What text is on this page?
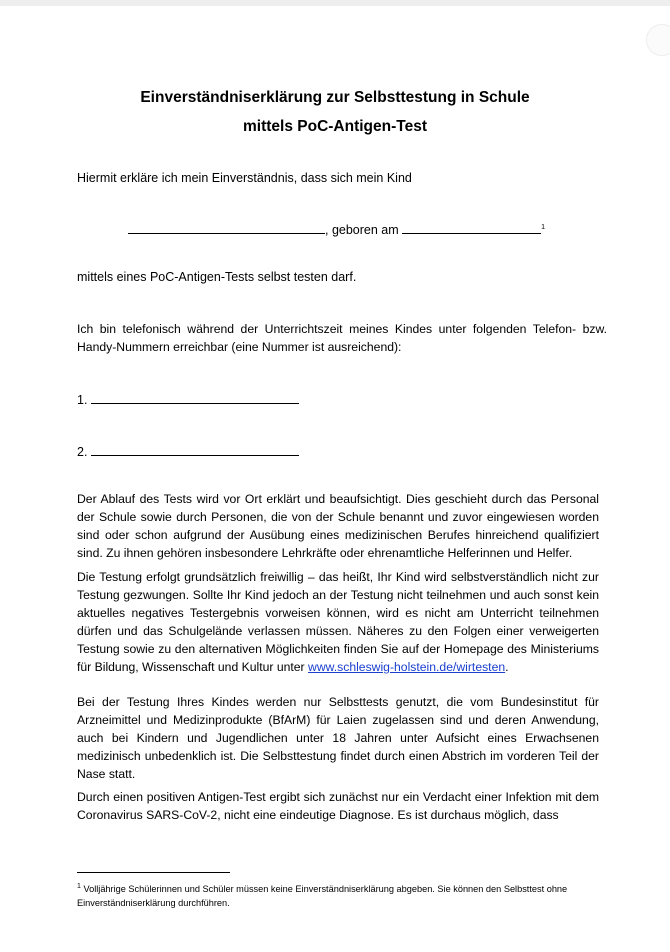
Einverständniserklärung zur Selbsttestung in Schule
mittels PoC-Antigen-Test
Hiermit erkläre ich mein Einverständnis, dass sich mein Kind
, geboren am	$^1$
mittels eines PoC-Antigen-Tests selbst testen darf.
Ich bin telefonisch während der Unterrichtszeit meines Kindes unter folgenden Telefon- bzw. Handy-Nummern erreichbar (eine Nummer ist ausreichend):
1.
2.
Der Ablauf des Tests wird vor Ort erklärt und beaufsichtigt. Dies geschieht durch das Personal der Schule sowie durch Personen, die von der Schule benannt und zuvor eingewiesen worden sind oder schon aufgrund der Ausübung eines medizinischen Berufes hinreichend qualifiziert sind. Zu ihnen gehören insbesondere Lehrkräfte oder ehrenamtliche Helferinnen und Helfer.
Die Testung erfolgt grundsätzlich freiwillig – das heißt, Ihr Kind wird selbstverständlich nicht zur Testung gezwungen. Sollte Ihr Kind jedoch an der Testung nicht teilnehmen und auch sonst kein aktuelles negatives Testergebnis vorweisen können, wird es nicht am Unterricht teilnehmen dürfen und das Schulgelände verlassen müssen. Näheres zu den Folgen einer verweigerten Testung sowie zu den alternativen Möglichkeiten finden Sie auf der Homepage des Ministeriums für Bildung, Wissenschaft und Kultur unter www.schleswig-holstein.de/wirtesten.
Bei der Testung Ihres Kindes werden nur Selbsttests genutzt, die vom Bundesinstitut für Arzneimittel und Medizinprodukte (BfArM) für Laien zugelassen sind und deren Anwendung, auch bei Kindern und Jugendlichen unter 18 Jahren unter Aufsicht eines Erwachsenen medizinisch unbedenklich ist. Die Selbsttestung findet durch einen Abstrich im vorderen Teil der Nase statt.
Durch einen positiven Antigen-Test ergibt sich zunächst nur ein Verdacht einer Infektion mit dem Coronavirus SARS-CoV-2, nicht eine eindeutige Diagnose. Es ist durchaus möglich, dass
$^1$ Volljährige Schülerinnen und Schüler müssen keine Einverständniserklärung abgeben. Sie können den Selbsttest ohne Einverständniserklärung durchführen.
